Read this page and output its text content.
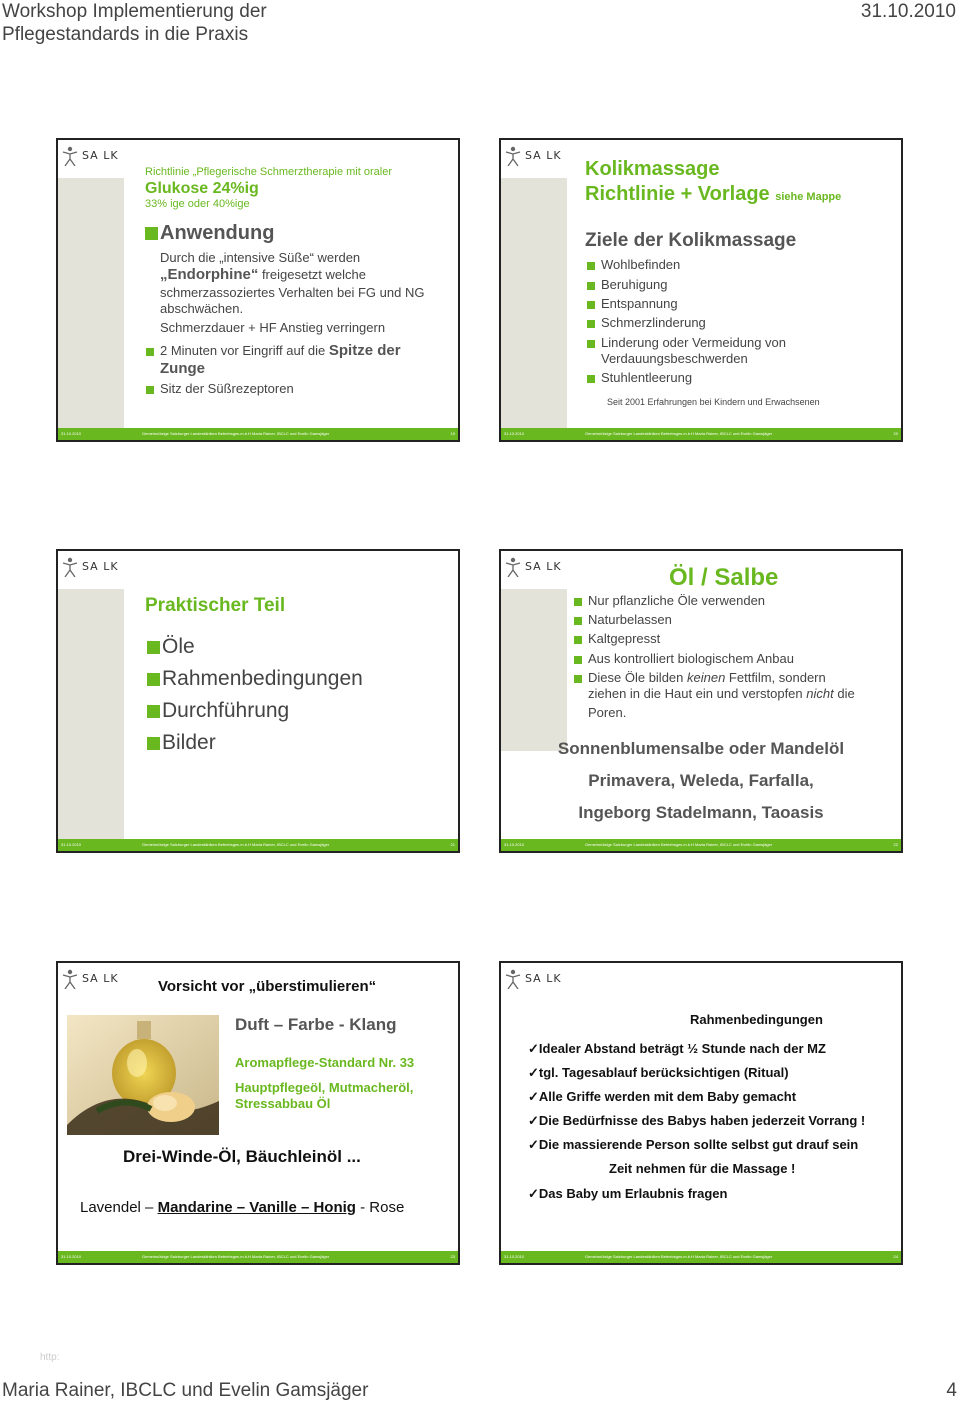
Workshop Implementierung der
Pflegestandards in die Praxis
31.10.2010
SA LK
Richtlinie „Pflegerische Schmerztherapie mit oraler
Glukose 24%ig
33% ige oder 40%ige
Anwendung
Durch die „intensive Süße“ werden
„Endorphine“ freigesetzt welche
schmerzassoziertes Verhalten bei FG und NG
abschwächen.
Schmerzdauer + HF Anstieg verringern
2 Minuten vor Eingriff auf die Spitze der
Zunge
Sitz der Süßrezeptoren
31.10.2010	Gemeinnützige Salzburger Landeskliniken Betriebsges.m.b.H Maria Rainer, IBCLC und Evelin Gamsjäger	19
SA LK
Kolikmassage
Richtlinie + Vorlage siehe Mappe
Ziele der Kolikmassage
Wohlbefinden
Beruhigung
Entspannung
Schmerzlinderung
Linderung oder Vermeidung von
Verdauungsbeschwerden
Stuhlentleerung
Seit 2001 Erfahrungen bei Kindern und Erwachsenen
31.10.2010	Gemeinnützige Salzburger Landeskliniken Betriebsges.m.b.H Maria Rainer, IBCLC und Evelin Gamsjäger	20
SA LK
Praktischer Teil
Öle
Rahmenbedingungen
Durchführung
Bilder
31.10.2010	Gemeinnützige Salzburger Landeskliniken Betriebsges.m.b.H Maria Rainer, IBCLC und Evelin Gamsjäger	21
SA LK	Öl / Salbe
Nur pflanzliche Öle verwenden
Naturbelassen
Kaltgepresst
Aus kontrolliert biologischem Anbau
Diese Öle bilden keinen Fettfilm, sondern
ziehen in die Haut ein und verstopfen nicht die
Poren.
Sonnenblumensalbe oder Mandelöl
Primavera, Weleda, Farfalla,
Ingeborg Stadelmann, Taoasis
31.10.2010	Gemeinnützige Salzburger Landeskliniken Betriebsges.m.b.H Maria Rainer, IBCLC und Evelin Gamsjäger	22
SA LK	Vorsicht vor „überstimulieren“
Duft – Farbe - Klang
Aromapflege-Standard Nr. 33
Hauptpflegeöl, Mutmacheröl,
Stressabbau Öl
Drei-Winde-Öl, Bäuchleinöl ...
Lavendel – Mandarine – Vanille – Honig - Rose
31.10.2010	Gemeinnützige Salzburger Landeskliniken Betriebsges.m.b.H Maria Rainer, IBCLC und Evelin Gamsjäger	23
SA LK
Rahmenbedingungen
✓Idealer Abstand beträgt ½ Stunde nach der MZ
✓tgl. Tagesablauf berücksichtigen (Ritual)
✓Alle Griffe werden mit dem Baby gemacht
✓Die Bedürfnisse des Babys haben jederzeit Vorrang !
✓Die massierende Person sollte selbst gut drauf sein
Zeit nehmen für die Massage !
✓Das Baby um Erlaubnis fragen
31.10.2010	Gemeinnützige Salzburger Landeskliniken Betriebsges.m.b.H Maria Rainer, IBCLC und Evelin Gamsjäger	24
http:
Maria Rainer, IBCLC und Evelin Gamsjäger	4
